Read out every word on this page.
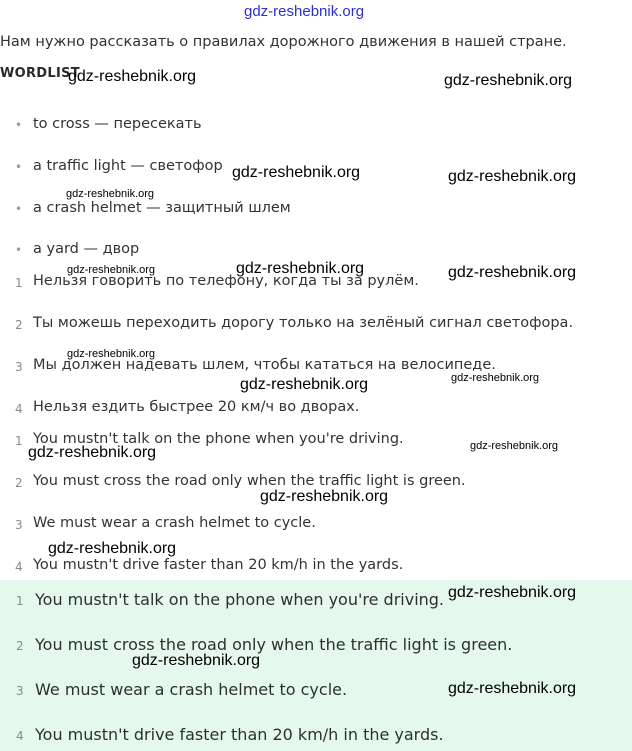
gdz-reshebnik.org
Нам нужно рассказать о правилах дорожного движения в нашей стране.
WORDLIST
• to cross — пересекать
• a traffic light — светофор
• a crash helmet — защитный шлем
• a yard — двор
1 Нельзя говорить по телефону, когда ты за рулём.
2 Ты можешь переходить дорогу только на зелёный сигнал светофора.
3 Мы должен надевать шлем, чтобы кататься на велосипеде.
4 Нельзя ездить быстрее 20 км/ч во дворах.
1 You mustn't talk on the phone when you're driving.
2 You must cross the road only when the traffic light is green.
3 We must wear a crash helmet to cycle.
4 You mustn't drive faster than 20 km/h in the yards.
1 You mustn't talk on the phone when you're driving.
2 You must cross the road only when the traffic light is green.
3 We must wear a crash helmet to cycle.
4 You mustn't drive faster than 20 km/h in the yards.
gdz-reshebnik.org	gdz-reshebnik.org
gdz-reshebnik.org	gdz-reshebnik.org
gdz-reshebnik.org
gdz-reshebnik.org
gdz-reshebnik.org	gdz-reshebnik.org
gdz-reshebnik.org
gdz-reshebnik.org
gdz-reshebnik.org
gdz-reshebnik.org
gdz-reshebnik.org
gdz-reshebnik.org
gdz-reshebnik.org
gdz-reshebnik.org
gdz-reshebnik.org
gdz-reshebnik.org
